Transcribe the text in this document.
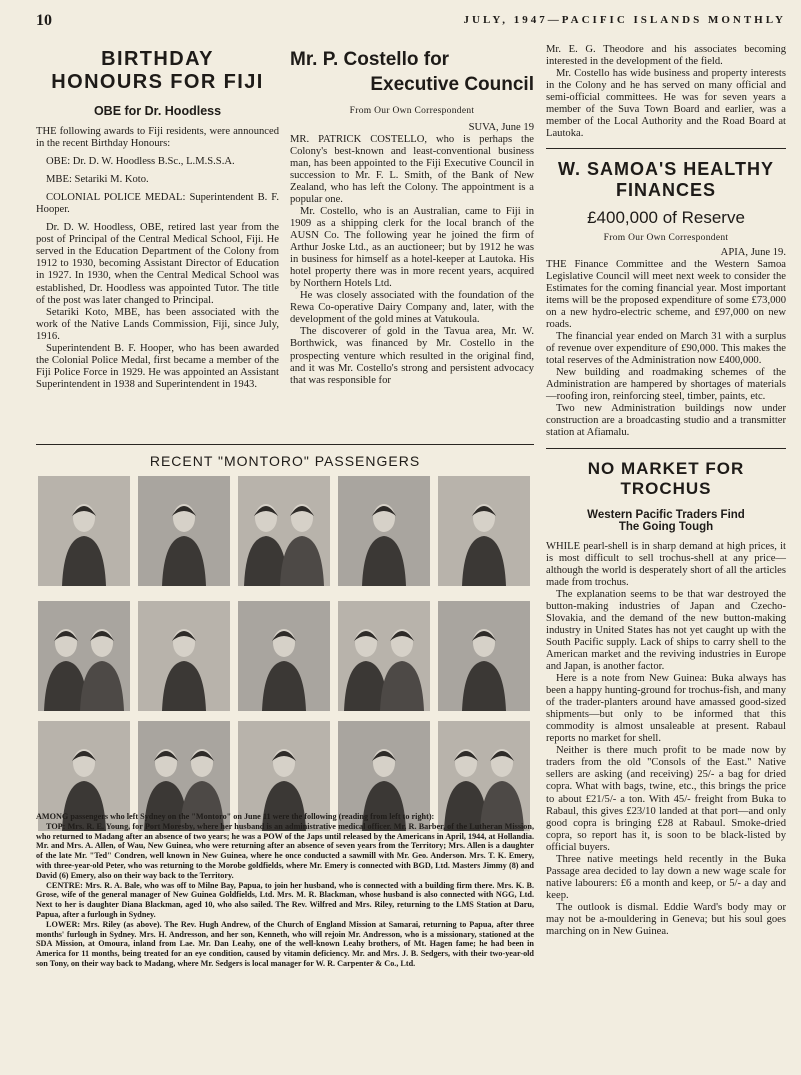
10	JULY, 1947—PACIFIC ISLANDS MONTHLY
BIRTHDAY HONOURS FOR FIJI
OBE for Dr. Hoodless

THE following awards to Fiji residents, were announced in the recent Birthday Honours:

OBE: Dr. D. W. Hoodless B.Sc., L.M.S.S.A.

MBE: Setariki M. Koto.

COLONIAL POLICE MEDAL: Superintendent B. F. Hooper.

Dr. D. W. Hoodless, OBE, retired last year from the post of Principal of the Central Medical School, Fiji. He served in the Education Department of the Colony from 1912 to 1930, becoming Assistant Director of Education in 1927. In 1930, when the Central Medical School was established, Dr. Hoodless was appointed Tutor. The title of the post was later changed to Principal.

Setariki Koto, MBE, has been associated with the work of the Native Lands Commission, Fiji, since July, 1916.

Superintendent B. F. Hooper, who has been awarded the Colonial Police Medal, first became a member of the Fiji Police Force in 1929. He was appointed an Assistant Superintendent in 1938 and Superintendent in 1943.

Mr. P. Costello for
Executive Council
From Our Own Correspondent
SUVA, June 19

MR. PATRICK COSTELLO, who is perhaps the Colony's best-known and least-conventional business man, has been appointed to the Fiji Executive Council in succession to Mr. F. L. Smith, of the Bank of New Zealand, who has left the Colony. The appointment is a popular one.

Mr. Costello, who is an Australian, came to Fiji in 1909 as a shipping clerk for the local branch of the AUSN Co. The following year he joined the firm of Arthur Joske Ltd., as an auctioneer; but by 1912 he was in business for himself as a hotel-keeper at Lautoka. His hotel property there was in more recent years, acquired by Northern Hotels Ltd.

He was closely associated with the foundation of the Rewa Co-operative Dairy Company and, later, with the development of the gold mines at Vatukoula.

The discoverer of gold in the Tavua area, Mr. W. Borthwick, was financed by Mr. Costello in the prospecting venture which resulted in the original find, and it was Mr. Costello's strong and persistent advocacy that was responsible for

Mr. E. G. Theodore and his associates becoming interested in the development of the field.

Mr. Costello has wide business and property interests in the Colony and he has served on many official and semi-official committees. He was for seven years a member of the Suva Town Board and earlier, was a member of the Local Authority and the Road Board at Lautoka.

W. SAMOA'S HEALTHY FINANCES
£400,000 of Reserve
From Our Own Correspondent
APIA, June 19.

THE Finance Committee and the Western Samoa Legislative Council will meet next week to consider the Estimates for the coming financial year. Most important items will be the proposed expenditure of some £73,000 on a new hydro-electric scheme, and £97,000 on new roads.

The financial year ended on March 31 with a surplus of revenue over expenditure of £90,000. This makes the total reserves of the Administration now £400,000.

New building and roadmaking schemes of the Administration are hampered by shortages of materials—roofing iron, reinforcing steel, timber, paints, etc.

Two new Administration buildings now under construction are a broadcasting studio and a transmitter station at Afiamalu.

NO MARKET FOR TROCHUS
Western Pacific Traders Find The Going Tough

WHILE pearl-shell is in sharp demand at high prices, it is most difficult to sell trochus-shell at any price—although the world is desperately short of all the articles made from trochus.

The explanation seems to be that war destroyed the button-making industries of Japan and Czecho-Slovakia, and the demand of the new button-making industry in United States has not yet caught up with the South Pacific supply. Lack of ships to carry shell to the American market and the reviving industries in Europe and Japan, is another factor.

Here is a note from New Guinea: Buka always has been a happy hunting-ground for trochus-fish, and many of the trader-planters around have amassed good-sized shipments—but only to be informed that this commodity is almost unsaleable at present. Rabaul reports no market for shell.

Neither is there much profit to be made now by traders from the old "Consols of the East." Native sellers are asking (and receiving) 25/- a bag for dried copra. What with bags, twine, etc., this brings the price to about £21/5/- a ton. With 45/- freight from Buka to Rabaul, this gives £23/10 landed at that port—and only good copra is bringing £28 at Rabaul. Smoke-dried copra, so report has it, is soon to be black-listed by official buyers.

Three native meetings held recently in the Buka Passage area decided to lay down a new wage scale for native labourers: £6 a month and keep, or 5/- a day and keep.

The outlook is dismal. Eddie Ward's body may or may not be a-mouldering in Geneva; but his soul goes marching on in New Guinea.

RECENT "MONTORO" PASSENGERS

AMONG passengers who left Sydney on the "Montoro" on June 11 were the following (reading from left to right):

TOP: Mrs. R. E. Young, for Port Moresby, where her husband is an administrative medical officer. Mr. R. Barber, of the Lutheran Mission, who returned to Madang after an absence of two years; he was a POW of the Japs until released by the Americans in April, 1944, at Hollandia. Mr. and Mrs. A. Allen, of Wau, New Guinea, who were returning after an absence of seven years from the Territory; Mrs. Allen is a daughter of the late Mr. "Ted" Condren, well known in New Guinea, where he once conducted a sawmill with Mr. Geo. Anderson. Mrs. T. K. Emery, with three-year-old Peter, who was returning to the Morobe goldfields, where Mr. Emery is connected with BGD, Ltd. Masters Jimmy (8) and David (6) Emery, also on their way back to the Territory.

CENTRE: Mrs. R. A. Bale, who was off to Milne Bay, Papua, to join her husband, who is connected with a building firm there. Mrs. K. B. Grose, wife of the general manager of New Guinea Goldfields, Ltd. Mrs. M. R. Blackman, whose husband is also connected with NGG, Ltd. Next to her is daughter Diana Blackman, aged 10, who also sailed. The Rev. Wilfred and Mrs. Riley, returning to the LMS Station at Daru, Papua, after a furlough in Sydney.

LOWER: Mrs. Riley (as above). The Rev. Hugh Andrew, of the Church of England Mission at Samarai, returning to Papua, after three months' furlough in Sydney. Mrs. H. Andresson, and her son, Kenneth, who will rejoin Mr. Andresson, who is a missionary, stationed at the SDA Mission, at Omoura, inland from Lae. Mr. Dan Leahy, one of the well-known Leahy brothers, of Mt. Hagen fame; he had been in America for 11 months, being treated for an eye condition, caused by vitamin deficiency. Mr. and Mrs. J. B. Sedgers, with their two-year-old son Tony, on their way back to Madang, where Mr. Sedgers is local manager for W. R. Carpenter & Co., Ltd.
